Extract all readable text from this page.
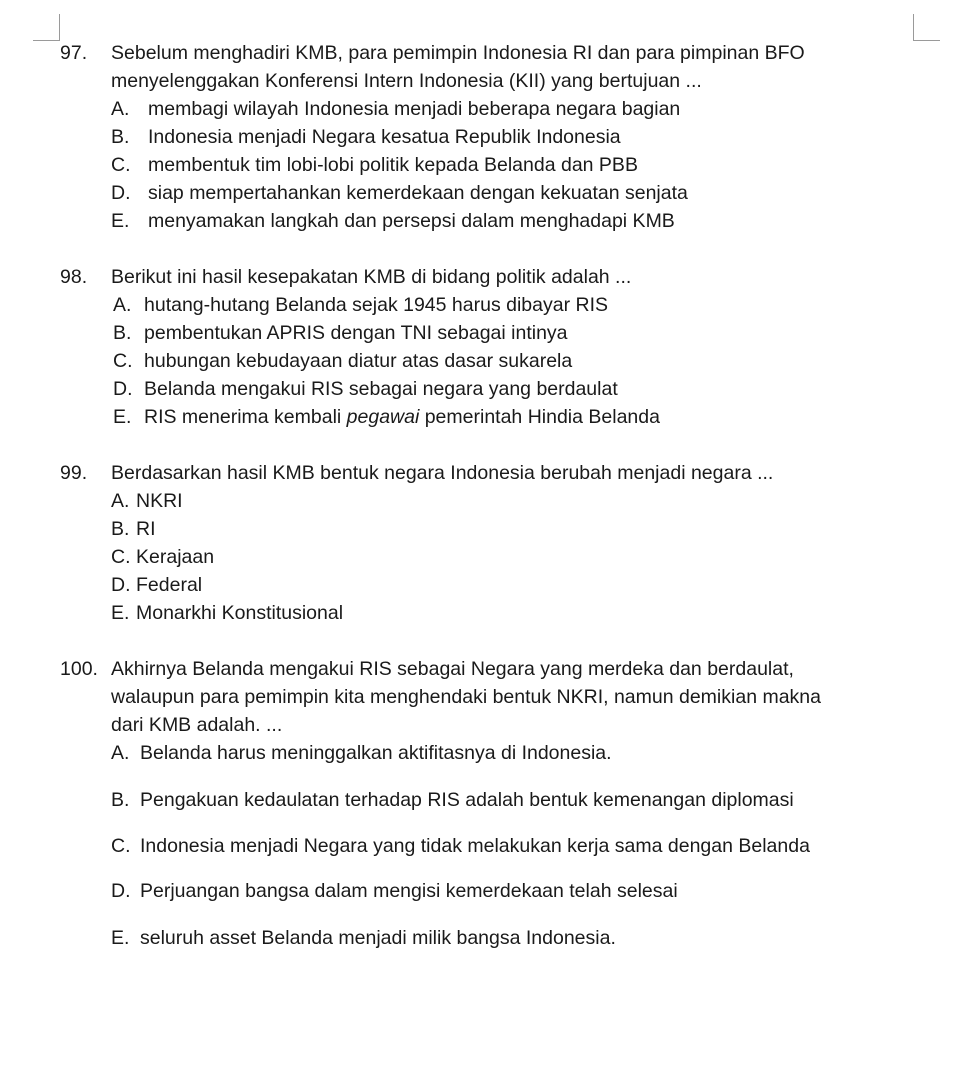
97. Sebelum menghadiri KMB, para pemimpin Indonesia RI dan para pimpinan BFO
menyelenggakan Konferensi Intern Indonesia (KII) yang bertujuan ...
A. membagi wilayah Indonesia menjadi beberapa negara bagian
B. Indonesia menjadi Negara kesatua Republik Indonesia
C. membentuk tim lobi-lobi politik kepada Belanda dan PBB
D. siap mempertahankan kemerdekaan dengan kekuatan senjata
E. menyamakan langkah dan persepsi dalam menghadapi KMB
98. Berikut ini hasil kesepakatan KMB di bidang politik adalah ...
A. hutang-hutang Belanda sejak 1945 harus dibayar RIS
B. pembentukan APRIS dengan TNI sebagai intinya
C. hubungan kebudayaan diatur atas dasar sukarela
D. Belanda mengakui RIS sebagai negara yang berdaulat
E. RIS menerima kembali pegawai pemerintah Hindia Belanda
99. Berdasarkan hasil KMB bentuk negara Indonesia berubah menjadi negara ...
A. NKRI
B. RI
C. Kerajaan
D. Federal
E. Monarkhi Konstitusional
100. Akhirnya Belanda mengakui RIS sebagai Negara yang merdeka dan berdaulat,
walaupun para pemimpin kita menghendaki bentuk NKRI, namun demikian makna
dari KMB adalah. ...
A. Belanda harus meninggalkan aktifitasnya di Indonesia.
B. Pengakuan kedaulatan terhadap RIS adalah bentuk kemenangan diplomasi
C. Indonesia menjadi Negara yang tidak melakukan kerja sama dengan Belanda
D. Perjuangan bangsa dalam mengisi kemerdekaan telah selesai
E. seluruh asset Belanda menjadi milik bangsa Indonesia.
